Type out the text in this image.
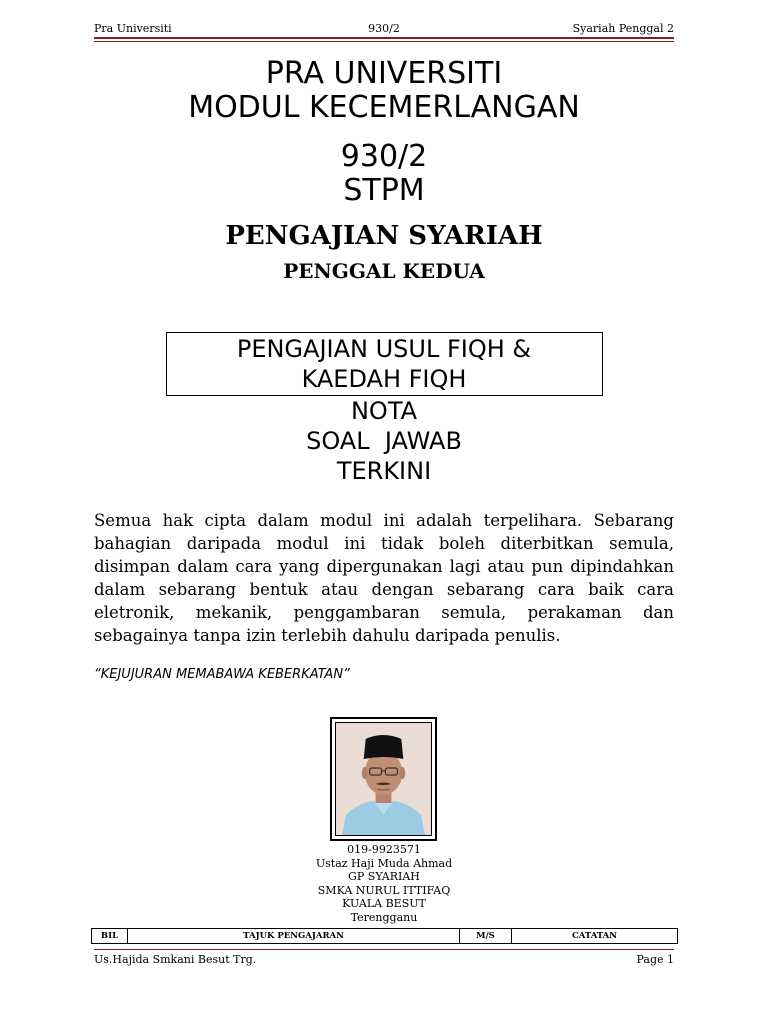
Pra Universiti	930/2	Syariah Penggal 2
PRA UNIVERSITI
MODUL KECEMERLANGAN
930/2
STPM
PENGAJIAN SYARIAH
PENGGAL KEDUA
PENGAJIAN USUL FIQH &
KAEDAH FIQH
NOTA
SOAL  JAWAB
TERKINI

Semua hak cipta dalam modul ini adalah terpelihara. Sebarang bahagian daripada modul ini tidak boleh diterbitkan semula, disimpan dalam cara yang dipergunakan lagi atau pun dipindahkan dalam sebarang bentuk atau dengan sebarang cara baik cara eletronik, mekanik, penggambaran semula, perakaman dan sebagainya tanpa izin terlebih dahulu daripada penulis.

“KEJUJURAN MEMABAWA KEBERKATAN”
019-9923571
Ustaz Haji Muda Ahmad
GP SYARIAH
SMKA NURUL ITTIFAQ
KUALA BESUT
Terengganu
BIL	TAJUK PENGAJARAN	M/S	CATATAN
Us.Hajida Smkani Besut Trg.	Page 1
